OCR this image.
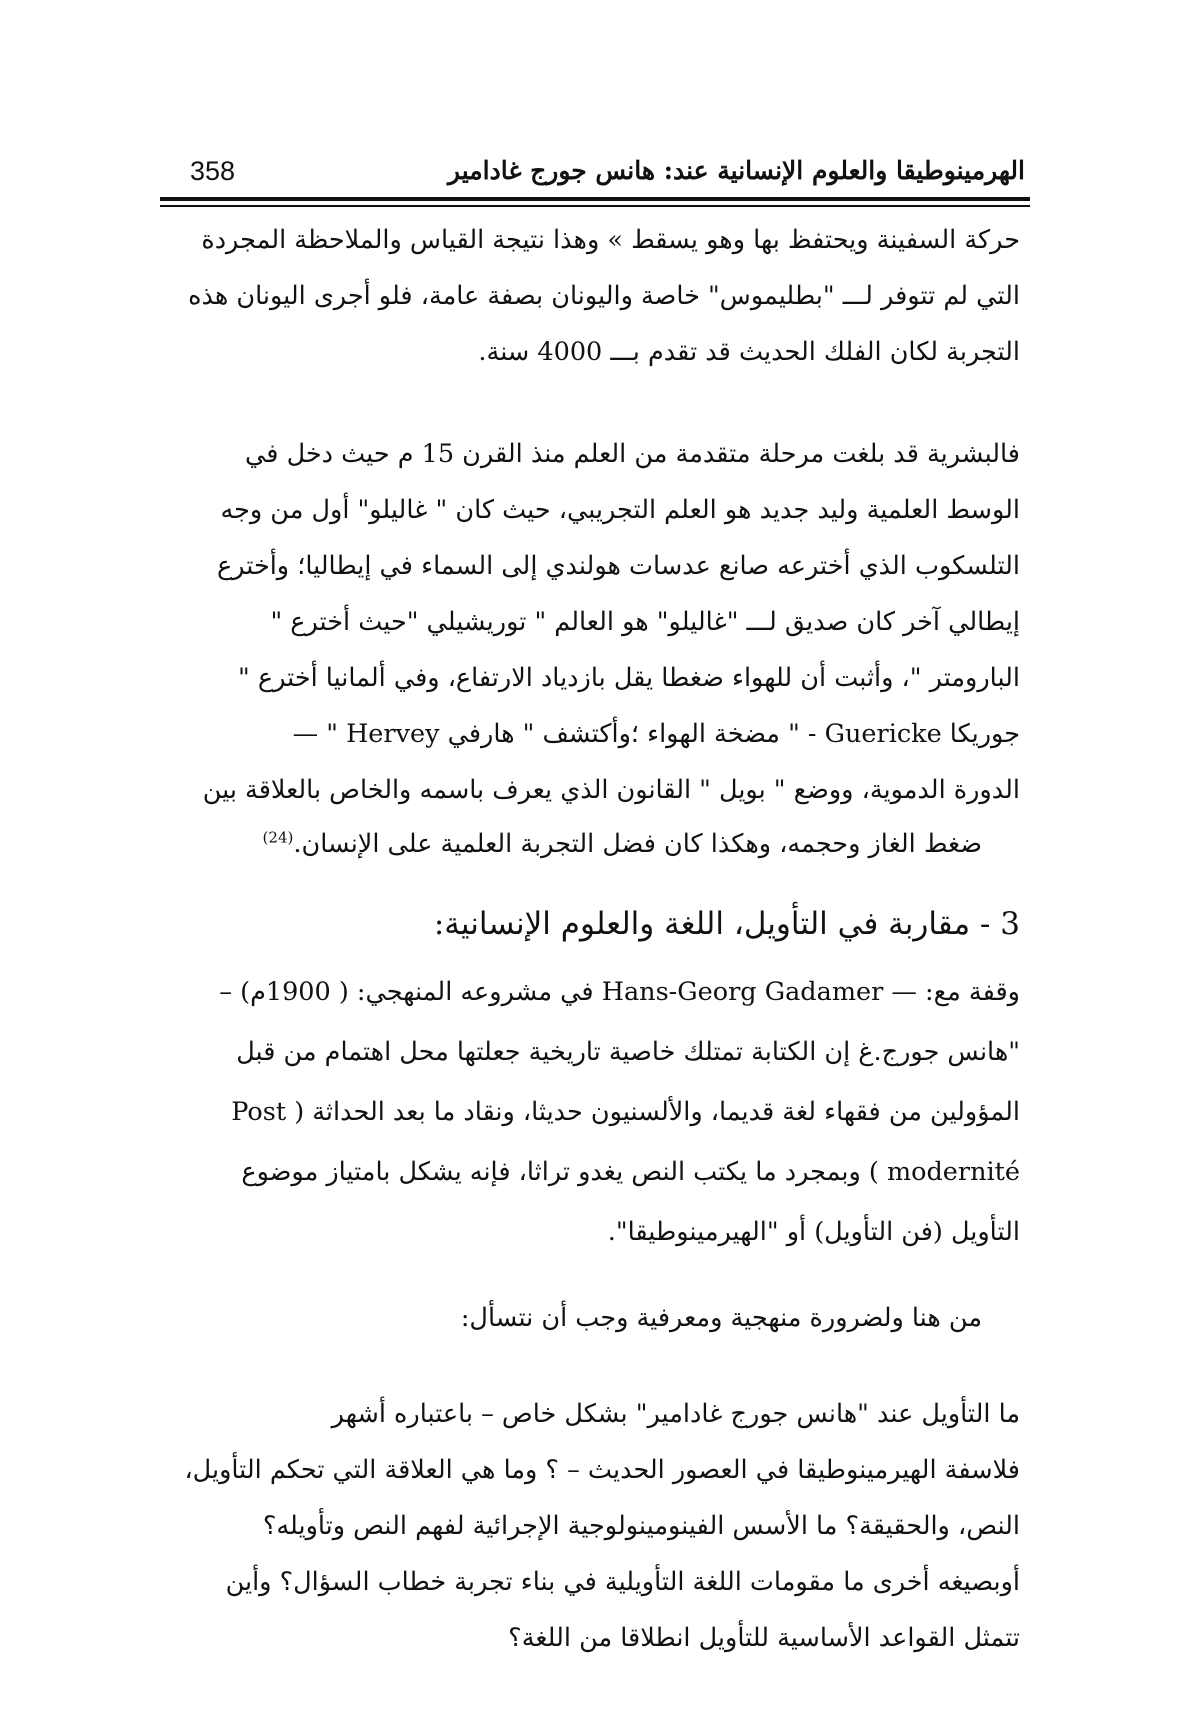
358	الهرمينوطيقا والعلوم الإنسانية عند: هانس جورج غادامير
حركة السفينة ويحتفظ بها وهو يسقط » وهذا نتيجة القياس والملاحظة المجردة
التي لم تتوفر لـــ "بطليموس" خاصة واليونان بصفة عامة، فلو أجرى اليونان هذه
التجربة لكان الفلك الحديث قد تقدم بـــ 4000 سنة.
فالبشرية قد بلغت مرحلة متقدمة من العلم منذ القرن 15 م حيث دخل في
الوسط العلمية وليد جديد هو العلم التجريبي، حيث كان " غاليلو" أول من وجه
التلسكوب الذي أخترعه صانع عدسات هولندي إلى السماء في إيطاليا؛ وأخترع
إيطالي آخر كان صديق لـــ "غاليلو" هو العالم " توريشيلي "حيث أخترع "
البارومتر "، وأثبت أن للهواء ضغطا يقل بازدياد الارتفاع، وفي ألمانيا أخترع "
جوريكا Guericke - " مضخة الهواء ؛وأكتشف " هارفي Hervey " —
الدورة الدموية، ووضع " بويل " القانون الذي يعرف باسمه والخاص بالعلاقة بين
ضغط الغاز وحجمه، وهكذا كان فضل التجربة العلمية على الإنسان.$^{(24)}$
3 - مقاربة في التأويل، اللغة والعلوم الإنسانية:
وقفة مع: — Hans-Georg Gadamer في مشروعه المنهجي: ( 1900م) –
"هانس جورج.غ إن الكتابة تمتلك خاصية تاريخية جعلتها محل اهتمام من قبل
المؤولين من فقهاء لغة قديما، والألسنيون حديثا، ونقاد ما بعد الحداثة ( Post
modernité ) وبمجرد ما يكتب النص يغدو تراثا، فإنه يشكل بامتياز موضوع
التأويل (فن التأويل) أو "الهيرمينوطيقا".
من هنا ولضرورة منهجية ومعرفية وجب أن نتسأل:
ما التأويل عند "هانس جورج غادامير" بشكل خاص – باعتباره أشهر
فلاسفة الهيرمينوطيقا في العصور الحديث – ؟ وما هي العلاقة التي تحكم التأويل،
النص، والحقيقة؟ ما الأسس الفينومينولوجية الإجرائية لفهم النص وتأويله؟
أوبصيغه أخرى ما مقومات اللغة التأويلية في بناء تجربة خطاب السؤال؟ وأين
تتمثل القواعد الأساسية للتأويل انطلاقا من اللغة؟
